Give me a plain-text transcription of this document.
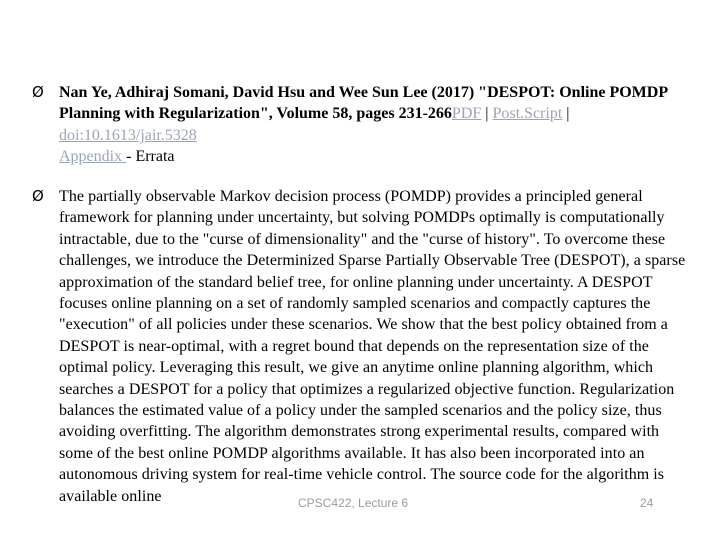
Ø Nan Ye, Adhiraj Somani, David Hsu and Wee Sun Lee (2017) "DESPOT: Online POMDP Planning with Regularization", Volume 58, pages 231-266PDF | Post.Script | doi:10.1613/jair.5328
Appendix - Errata
Ø The partially observable Markov decision process (POMDP) provides a principled general framework for planning under uncertainty, but solving POMDPs optimally is computationally intractable, due to the "curse of dimensionality" and the "curse of history". To overcome these challenges, we introduce the Determinized Sparse Partially Observable Tree (DESPOT), a sparse approximation of the standard belief tree, for online planning under uncertainty. A DESPOT focuses online planning on a set of randomly sampled scenarios and compactly captures the "execution" of all policies under these scenarios. We show that the best policy obtained from a DESPOT is near-optimal, with a regret bound that depends on the representation size of the optimal policy. Leveraging this result, we give an anytime online planning algorithm, which searches a DESPOT for a policy that optimizes a regularized objective function. Regularization balances the estimated value of a policy under the sampled scenarios and the policy size, thus avoiding overfitting. The algorithm demonstrates strong experimental results, compared with some of the best online POMDP algorithms available. It has also been incorporated into an autonomous driving system for real-time vehicle control. The source code for the algorithm is available online	CPSC422, Lecture 6	24
